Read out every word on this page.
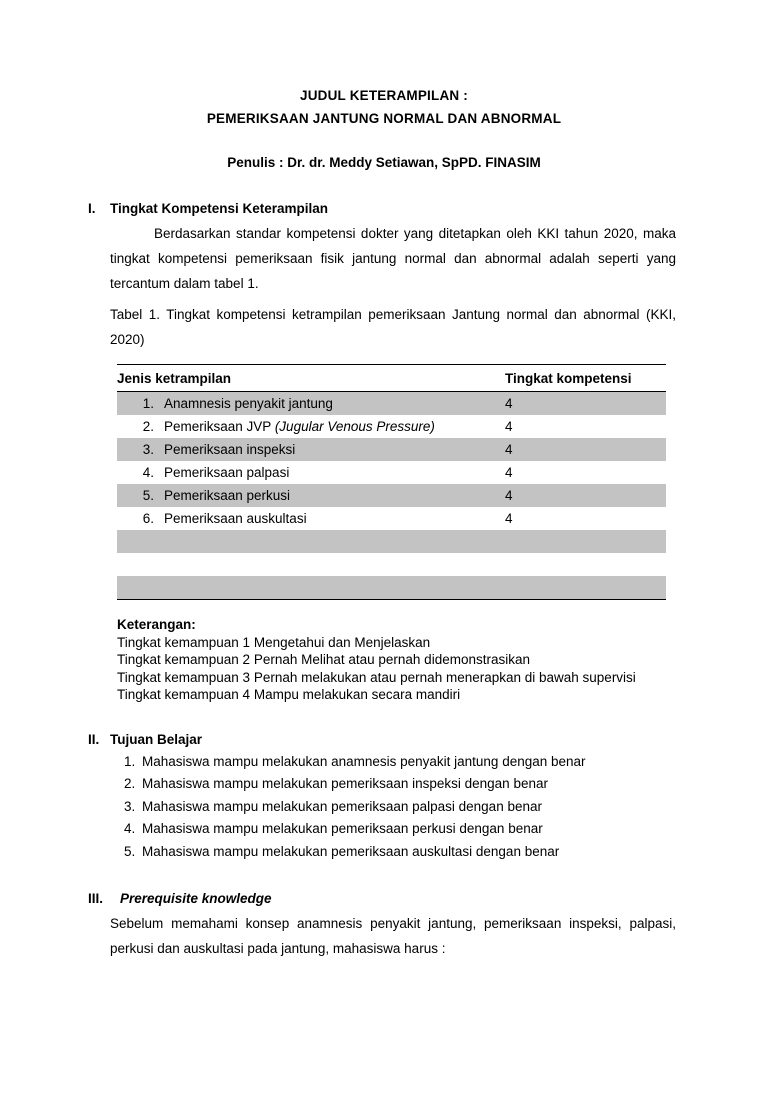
JUDUL KETERAMPILAN :
PEMERIKSAAN JANTUNG NORMAL DAN ABNORMAL
Penulis : Dr. dr. Meddy Setiawan, SpPD. FINASIM
I.	Tingkat Kompetensi Keterampilan
Berdasarkan standar kompetensi dokter yang ditetapkan oleh KKI tahun 2020, maka tingkat kompetensi pemeriksaan fisik jantung normal dan abnormal adalah seperti yang tercantum dalam tabel 1.
Tabel 1. Tingkat kompetensi ketrampilan pemeriksaan Jantung normal dan abnormal (KKI, 2020)
Jenis ketrampilan	Tingkat kompetensi

1. Anamnesis penyakit jantung	4

2. Pemeriksaan JVP (Jugular Venous Pressure)	4

3. Pemeriksaan inspeksi	4

4. Pemeriksaan palpasi	4

5. Pemeriksaan perkusi	4

6. Pemeriksaan auskultasi	4

Keterangan:
Tingkat kemampuan 1 Mengetahui dan Menjelaskan
Tingkat kemampuan 2 Pernah Melihat atau pernah didemonstrasikan
Tingkat kemampuan 3 Pernah melakukan atau pernah menerapkan di bawah supervisi
Tingkat kemampuan 4 Mampu melakukan secara mandiri
II. Tujuan Belajar
1. Mahasiswa mampu melakukan anamnesis penyakit jantung dengan benar
2. Mahasiswa mampu melakukan pemeriksaan inspeksi dengan benar
3. Mahasiswa mampu melakukan pemeriksaan palpasi dengan benar
4. Mahasiswa mampu melakukan pemeriksaan perkusi dengan benar
5. Mahasiswa mampu melakukan pemeriksaan auskultasi dengan benar
III.	Prerequisite knowledge
Sebelum memahami konsep anamnesis penyakit jantung, pemeriksaan inspeksi, palpasi, perkusi dan auskultasi pada jantung, mahasiswa harus :
